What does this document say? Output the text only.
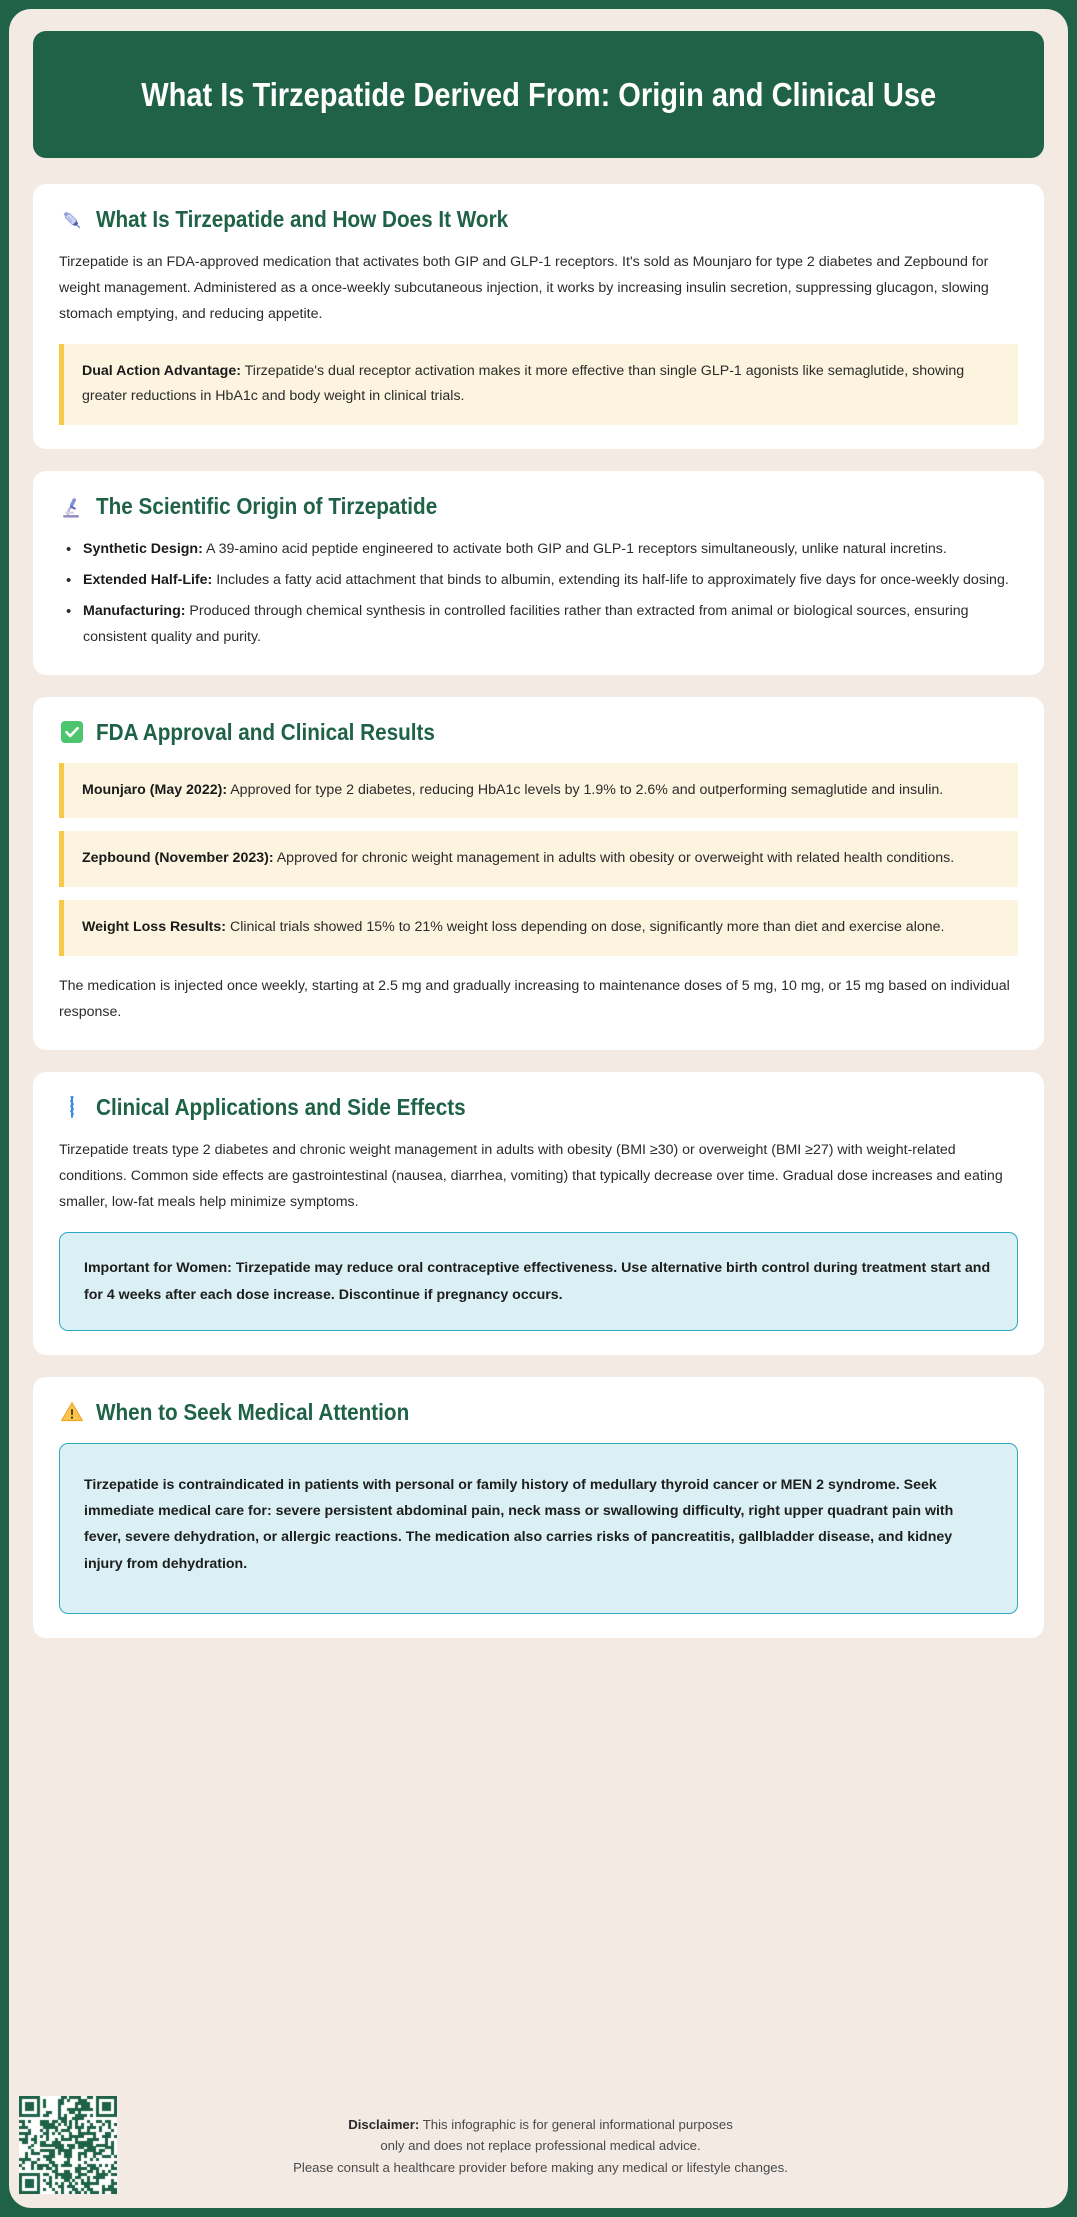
What Is Tirzepatide Derived From: Origin and Clinical Use
What Is Tirzepatide and How Does It Work

Tirzepatide is an FDA-approved medication that activates both GIP and GLP-1 receptors. It's sold as Mounjaro for type 2 diabetes and Zepbound for weight management. Administered as a once-weekly subcutaneous injection, it works by increasing insulin secretion, suppressing glucagon, slowing stomach emptying, and reducing appetite.

Dual Action Advantage: Tirzepatide's dual receptor activation makes it more effective than single GLP-1 agonists like semaglutide, showing greater reductions in HbA1c and body weight in clinical trials.
The Scientific Origin of Tirzepatide
• Synthetic Design: A 39-amino acid peptide engineered to activate both GIP and GLP-1 receptors simultaneously, unlike natural incretins.
• Extended Half-Life: Includes a fatty acid attachment that binds to albumin, extending its half-life to approximately five days for once-weekly dosing.
• Manufacturing: Produced through chemical synthesis in controlled facilities rather than extracted from animal or biological sources, ensuring consistent quality and purity.
FDA Approval and Clinical Results
Mounjaro (May 2022): Approved for type 2 diabetes, reducing HbA1c levels by 1.9% to 2.6% and outperforming semaglutide and insulin.
Zepbound (November 2023): Approved for chronic weight management in adults with obesity or overweight with related health conditions.
Weight Loss Results: Clinical trials showed 15% to 21% weight loss depending on dose, significantly more than diet and exercise alone.

The medication is injected once weekly, starting at 2.5 mg and gradually increasing to maintenance doses of 5 mg, 10 mg, or 15 mg based on individual response.

Clinical Applications and Side Effects

Tirzepatide treats type 2 diabetes and chronic weight management in adults with obesity (BMI ≥30) or overweight (BMI ≥27) with weight-related conditions. Common side effects are gastrointestinal (nausea, diarrhea, vomiting) that typically decrease over time. Gradual dose increases and eating smaller, low-fat meals help minimize symptoms.

Important for Women: Tirzepatide may reduce oral contraceptive effectiveness. Use alternative birth control during treatment start and for 4 weeks after each dose increase. Discontinue if pregnancy occurs.
When to Seek Medical Attention
Tirzepatide is contraindicated in patients with personal or family history of medullary thyroid cancer or MEN 2 syndrome. Seek immediate medical care for: severe persistent abdominal pain, neck mass or swallowing difficulty, right upper quadrant pain with fever, severe dehydration, or allergic reactions. The medication also carries risks of pancreatitis, gallbladder disease, and kidney injury from dehydration.
Disclaimer: This infographic is for general informational purposes
only and does not replace professional medical advice.
Please consult a healthcare provider before making any medical or lifestyle changes.
